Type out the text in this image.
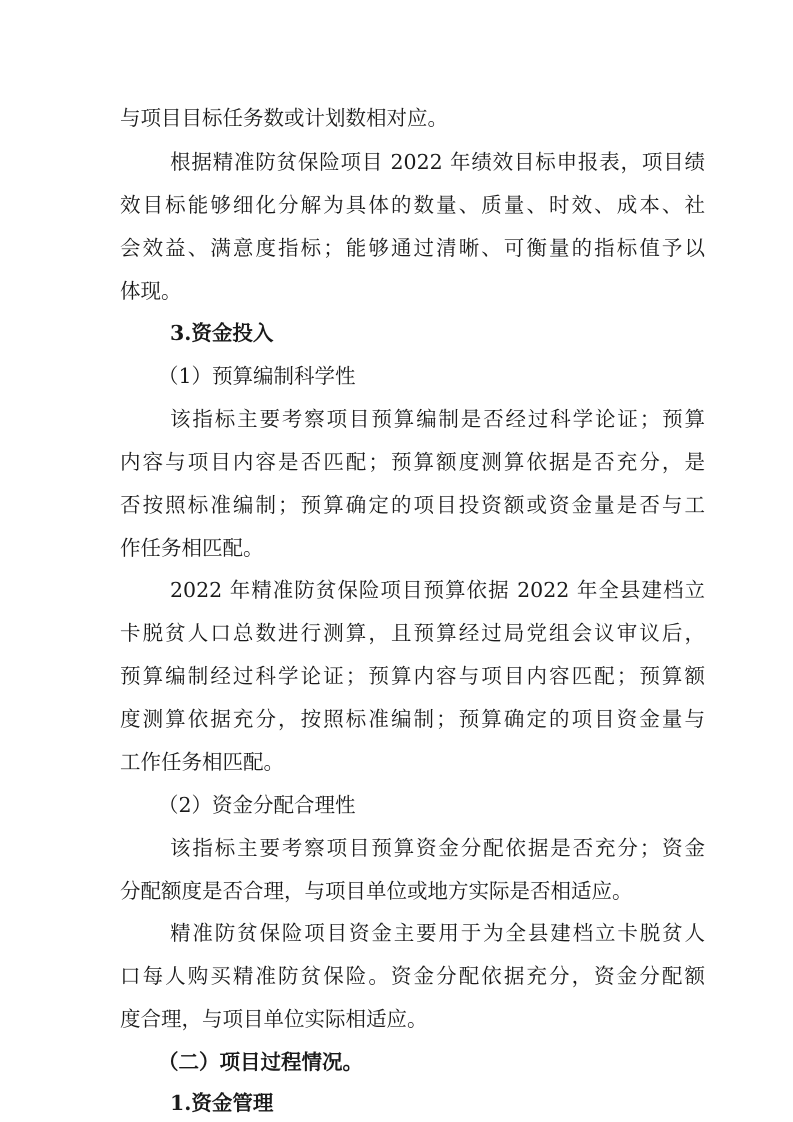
与项目目标任务数或计划数相对应。
根据精准防贫保险项目 2022 年绩效目标申报表，项目绩
效目标能够细化分解为具体的数量、质量、时效、成本、社
会效益、满意度指标；能够通过清晰、可衡量的指标值予以
体现。
3.资金投入
（1）预算编制科学性
该指标主要考察项目预算编制是否经过科学论证；预算
内容与项目内容是否匹配；预算额度测算依据是否充分，是
否按照标准编制；预算确定的项目投资额或资金量是否与工
作任务相匹配。
2022 年精准防贫保险项目预算依据 2022 年全县建档立
卡脱贫人口总数进行测算，且预算经过局党组会议审议后，
预算编制经过科学论证；预算内容与项目内容匹配；预算额
度测算依据充分，按照标准编制；预算确定的项目资金量与
工作任务相匹配。
（2）资金分配合理性
该指标主要考察项目预算资金分配依据是否充分；资金
分配额度是否合理，与项目单位或地方实际是否相适应。
精准防贫保险项目资金主要用于为全县建档立卡脱贫人
口每人购买精准防贫保险。资金分配依据充分，资金分配额
度合理，与项目单位实际相适应。
（二）项目过程情况。
1.资金管理
